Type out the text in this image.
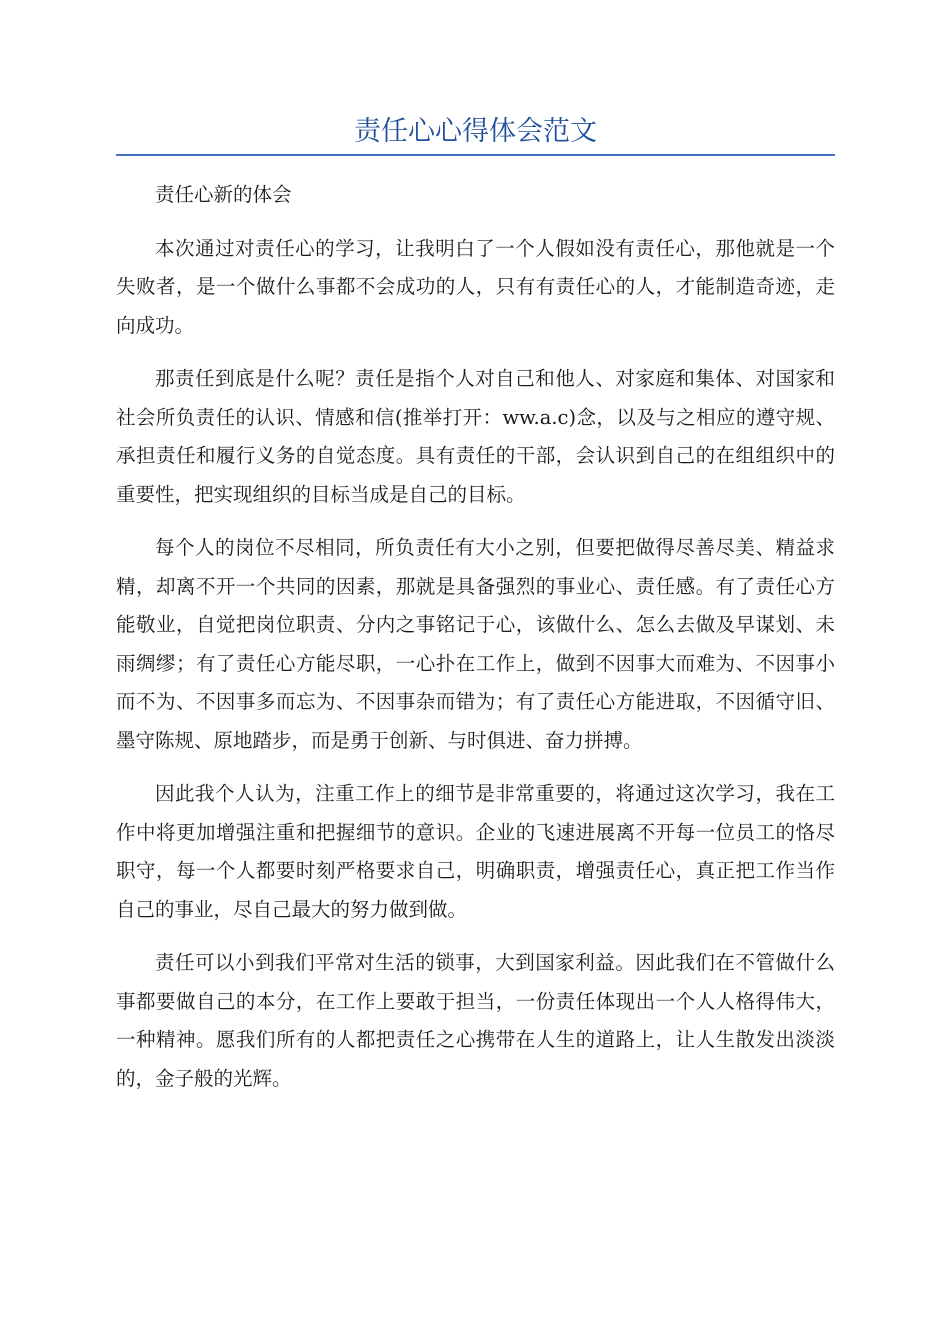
责任心心得体会范文

责任心新的体会

本次通过对责任心的学习，让我明白了一个人假如没有责任心，那他就是一个失败者，是一个做什么事都不会成功的人，只有有责任心的人，才能制造奇迹，走向成功。

那责任到底是什么呢？责任是指个人对自己和他人、对家庭和集体、对国家和社会所负责任的认识、情感和信(推举打开：ww.a.c)念，以及与之相应的遵守规、承担责任和履行义务的自觉态度。具有责任的干部，会认识到自己的在组组织中的重要性，把实现组织的目标当成是自己的目标。

每个人的岗位不尽相同，所负责任有大小之别，但要把做得尽善尽美、精益求精，却离不开一个共同的因素，那就是具备强烈的事业心、责任感。有了责任心方能敬业，自觉把岗位职责、分内之事铭记于心，该做什么、怎么去做及早谋划、未雨绸缪；有了责任心方能尽职，一心扑在工作上，做到不因事大而难为、不因事小而不为、不因事多而忘为、不因事杂而错为；有了责任心方能进取，不因循守旧、墨守陈规、原地踏步，而是勇于创新、与时俱进、奋力拼搏。

因此我个人认为，注重工作上的细节是非常重要的，将通过这次学习，我在工作中将更加增强注重和把握细节的意识。企业的飞速进展离不开每一位员工的恪尽职守，每一个人都要时刻严格要求自己，明确职责，增强责任心，真正把工作当作自己的事业，尽自己最大的努力做到做。

责任可以小到我们平常对生活的锁事，大到国家利益。因此我们在不管做什么事都要做自己的本分，在工作上要敢于担当，一份责任体现出一个人人格得伟大，一种精神。愿我们所有的人都把责任之心携带在人生的道路上，让人生散发出淡淡的，金子般的光辉。
